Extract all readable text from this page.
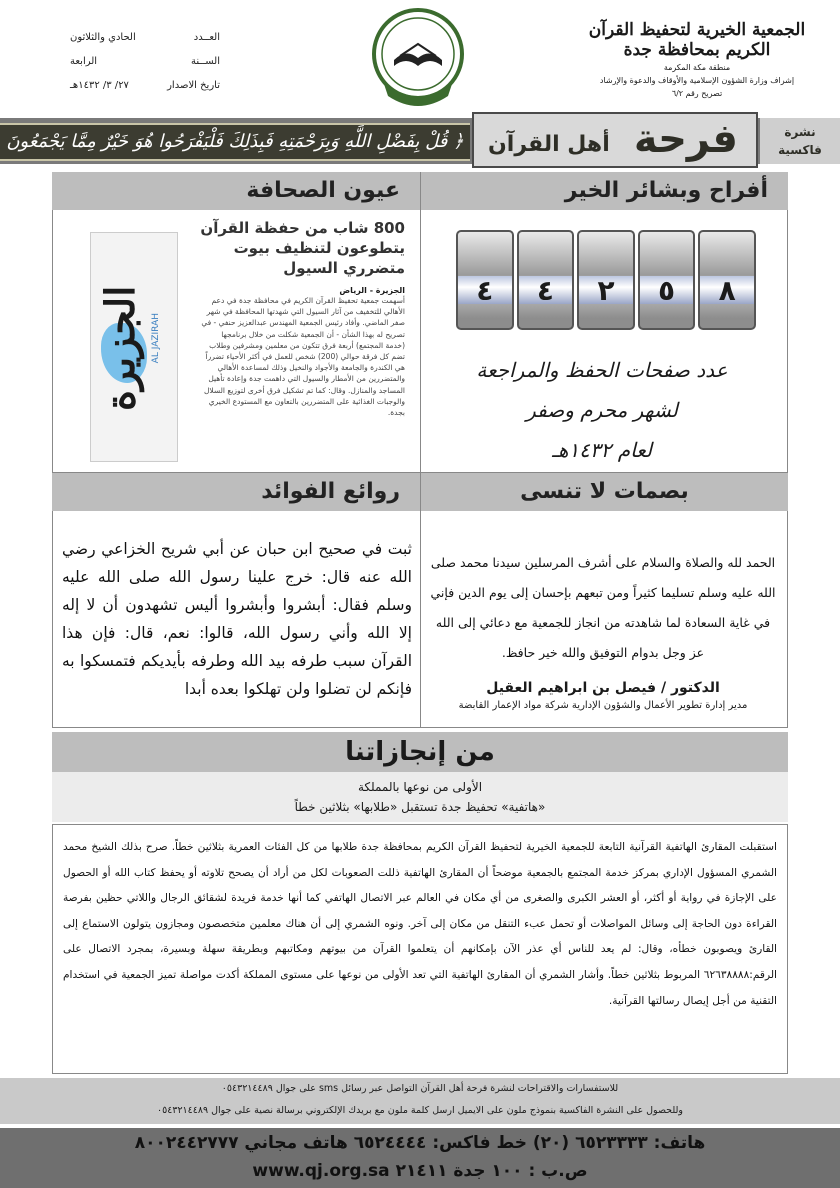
الجمعية الخيرية لتحفيظ القرآن الكريم بمحافظة جدة
منطقة مكة المكرمة
إشراف وزارة الشؤون الإسلامية والأوقاف والدعوة والإرشاد
تصريح رقم ٦/٢
العــدد
الحادي والثلاثون
الســنة
الرابعة
تاريخ الاصدار
٢٧/ ٣/ ١٤٣٢هـ
﴿ قُلْ بِفَضْلِ اللَّهِ وَبِرَحْمَتِهِ فَبِذَلِكَ فَلْيَفْرَحُوا هُوَ خَيْرٌ مِمَّا يَجْمَعُونَ	فرحة
أهل القرآن	نشرة
فاكسية
أفراح وبشائر الخير
عيون الصحافة
بصمات لا تنسى
روائع الفوائد
٤	٤	٢	٥	٨
عدد صفحات الحفظ والمراجعة
لشهر محرم وصفر
لعام ١٤٣٢هـ
الجزيرة AL JAZIRAH
800 شاب من حفظة القرآن يتطوعون لتنظيف بيوت متضرري السيول
الجزيرة - الرياض

أسهمت جمعية تحفيظ القرآن الكريم في محافظة جدة في دعم الأهالي للتخفيف من آثار السيول التي شهدتها المحافظة في شهر صفر الماضي. وأفاد رئيس الجمعية المهندس عبدالعزيز حنفي - في تصريح له بهذا الشأن - أن الجمعية شكلت من خلال برنامجها (خدمة المجتمع) أربعة فرق تتكون من معلمين ومشرفين وطلاب تضم كل فرقة حوالي (200) شخص للعمل في أكثر الأحياء تضرراً هي الكندرة والجامعة والأجواد والنخيل وذلك لمساعدة الأهالي والمتضررين من الأمطار والسيول التي داهمت جدة وإعادة تأهيل المساجد والمنازل. وقال: كما تم تشكيل فرق أخرى لتوزيع السلال والوجبات الغذائية على المتضررين بالتعاون مع المستودع الخيري بجدة.

الحمد لله والصلاة والسلام على أشرف المرسلين سيدنا محمد صلى الله عليه وسلم تسليما كثيراً ومن تبعهم بإحسان إلى يوم الدين فإني في غاية السعادة لما شاهدته من انجاز للجمعية مع دعائي إلى الله عز وجل بدوام التوفيق والله خير حافظ.
الدكتور / فيصل بن ابراهيم العقيل
مدير إدارة تطوير الأعمال والشؤون الإدارية شركة مواد الإعمار القابضة
ثبت في صحيح ابن حبان عن أبي شريح الخزاعي رضي الله عنه قال: خرج علينا رسول الله صلى الله عليه وسلم فقال: أبشروا وأبشروا أليس تشهدون أن لا إله إلا الله وأني رسول الله، قالوا: نعم، قال: فإن هذا القرآن سبب طرفه بيد الله وطرفه بأيديكم فتمسكوا به فإنكم لن تضلوا ولن تهلكوا بعده أبدا
من إنجازاتنا
الأولى من نوعها بالمملكة
«هاتفية» تحفيظ جدة تستقبل «طلابها» بثلاثين خطاً

استقبلت المقارئ الهاتفية القرآنية التابعة للجمعية الخيرية لتحفيظ القرآن الكريم بمحافظة جدة طلابها من كل الفئات العمرية بثلاثين خطاً. صرح بذلك الشيخ محمد الشمري المسؤول الإداري بمركز خدمة المجتمع بالجمعية موضحاً أن المقارئ الهاتفية ذللت الصعوبات لكل من أراد أن يصحح تلاوته أو يحفظ كتاب الله أو الحصول على الإجازة في رواية أو أكثر، أو العشر الكبرى والصغرى من أي مكان في العالم عبر الاتصال الهاتفي كما أنها خدمة فريدة لشقائق الرجال واللاتي حظين بفرصة القراءة دون الحاجة إلى وسائل المواصلات أو تحمل عبء التنقل من مكان إلى آخر. ونوه الشمري إلى أن هناك معلمين متخصصون ومجازون يتولون الاستماع إلى القارئ ويصوبون خطأه، وقال: لم يعد للناس أي عذر الآن بإمكانهم أن يتعلموا القرآن من بيوتهم ومكاتبهم وبطريقة سهلة وبسيرة، بمجرد الاتصال على الرقم:٦٢٦٣٨٨٨٨ المربوط بثلاثين خطاً. وأشار الشمري أن المقارئ الهاتفية التي تعد الأولى من نوعها على مستوى المملكة أكدت مواصلة تميز الجمعية في استخدام التقنية من أجل إيصال رسالتها القرآنية.

للاستفسارات والاقتراحات لنشرة فرحة أهل القرآن التواصل عبر رسائل sms على جوال ٠٥٤٣٢١٤٤٨٩
وللحصول على النشرة الفاكسية بنموذج ملون على الايميل ارسل كلمة ملون مع بريدك الإلكتروني برسالة نصية على جوال ٠٥٤٣٢١٤٤٨٩
هاتف: ٦٥٢٣٣٣٣ (٢٠) خط فاكس: ٦٥٢٤٤٤٤ هاتف مجاني ٨٠٠٢٤٤٢٧٧٧
ص.ب : ١٠٠ جدة ٢١٤١١ www.qj.org.sa
